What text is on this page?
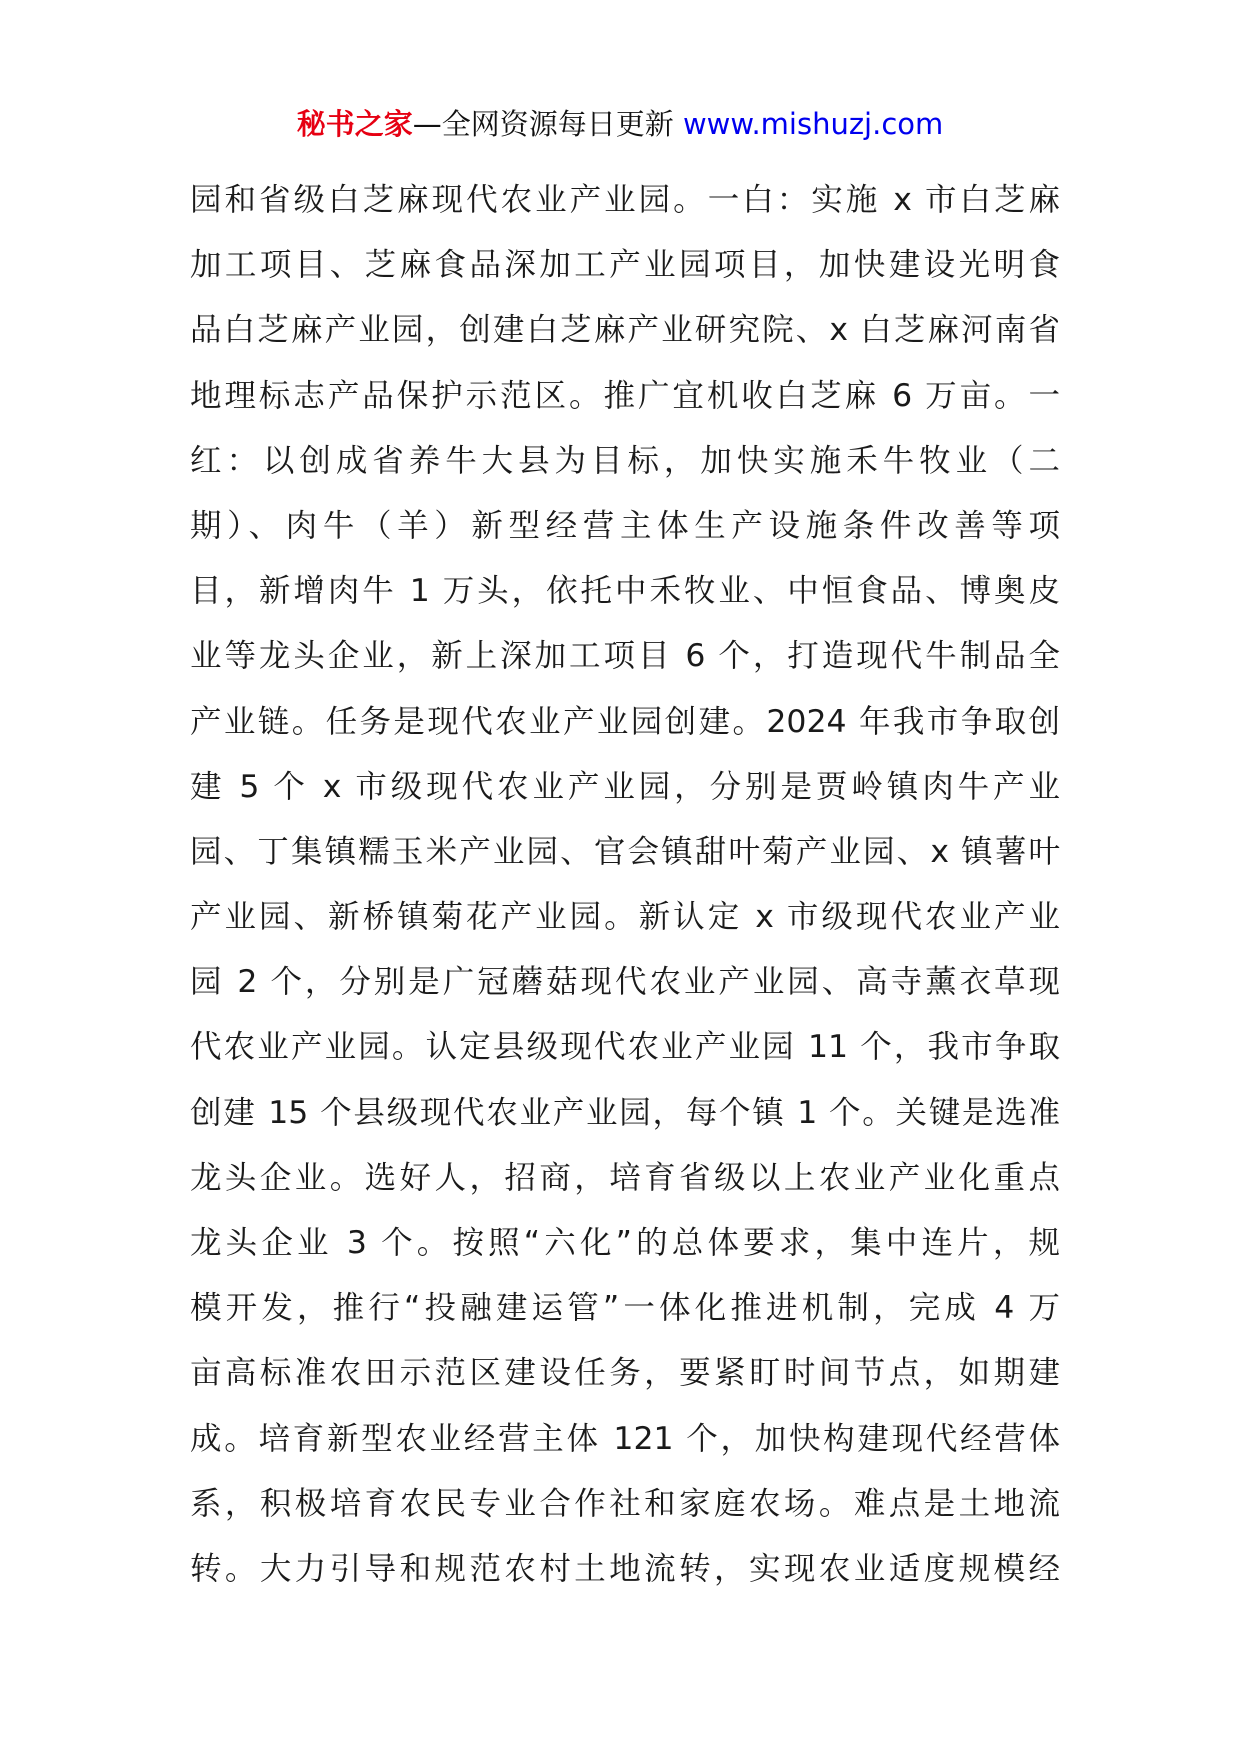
秘书之家—全网资源每日更新 www.mishuzj.com
园和省级白芝麻现代农业产业园。一白：实施 x 市白芝麻
加工项目、芝麻食品深加工产业园项目，加快建设光明食
品白芝麻产业园，创建白芝麻产业研究院、x 白芝麻河南省
地理标志产品保护示范区。推广宜机收白芝麻 6 万亩。一
红：以创成省养牛大县为目标，加快实施禾牛牧业（二
期）、肉牛（羊）新型经营主体生产设施条件改善等项
目，新增肉牛 1 万头，依托中禾牧业、中恒食品、博奥皮
业等龙头企业，新上深加工项目 6 个，打造现代牛制品全
产业链。任务是现代农业产业园创建。2024 年我市争取创
建 5 个 x 市级现代农业产业园，分别是贾岭镇肉牛产业
园、丁集镇糯玉米产业园、官会镇甜叶菊产业园、x 镇薯叶
产业园、新桥镇菊花产业园。新认定 x 市级现代农业产业
园 2 个，分别是广冠蘑菇现代农业产业园、高寺薰衣草现
代农业产业园。认定县级现代农业产业园 11 个，我市争取
创建 15 个县级现代农业产业园，每个镇 1 个。关键是选准
龙头企业。选好人，招商，培育省级以上农业产业化重点
龙头企业 3 个。按照“六化”的总体要求，集中连片，规
模开发，推行“投融建运管”一体化推进机制，完成 4 万
亩高标准农田示范区建设任务，要紧盯时间节点，如期建
成。培育新型农业经营主体 121 个，加快构建现代经营体
系，积极培育农民专业合作社和家庭农场。难点是土地流
转。大力引导和规范农村土地流转，实现农业适度规模经
